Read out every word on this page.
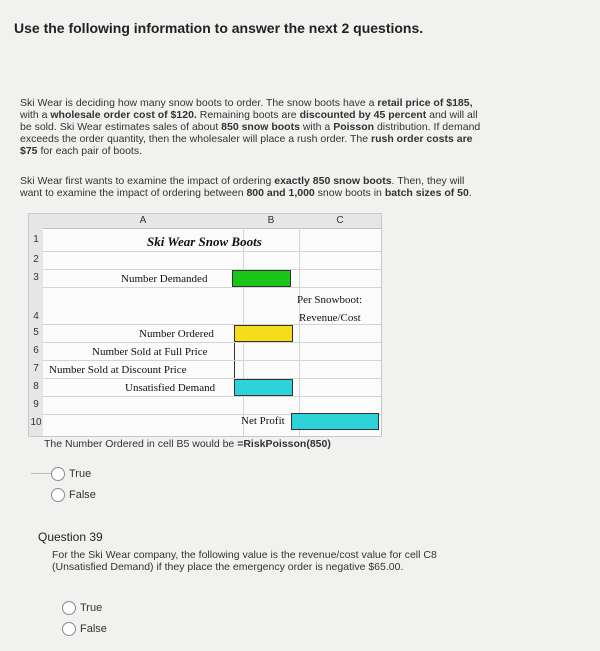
Use the following information to answer the next 2 questions.
Ski Wear is deciding how many snow boots to order. The snow boots have a retail price of $185,
with a wholesale order cost of $120. Remaining boots are discounted by 45 percent and will all
be sold. Ski Wear estimates sales of about 850 snow boots with a Poisson distribution. If demand
exceeds the order quantity, then the wholesaler will place a rush order. The rush order costs are
$75 for each pair of boots.
Ski Wear first wants to examine the impact of ordering exactly 850 snow boots. Then, they will
want to examine the impact of ordering between 800 and 1,000 snow boots in batch sizes of 50.
A	B	C
1
2
3
4
5
6
7
8
9
10
Ski Wear Snow Boots
Number Demanded
Per Snowboot:
Revenue/Cost
Number Ordered
Number Sold at Full Price
Number Sold at Discount Price
Unsatisfied Demand
Net Profit
The Number Ordered in cell B5 would be =RiskPoisson(850)
True
False
Question 39
For the Ski Wear company, the following value is the revenue/cost value for cell C8
(Unsatisfied Demand) if they place the emergency order is negative $65.00.
True
False
